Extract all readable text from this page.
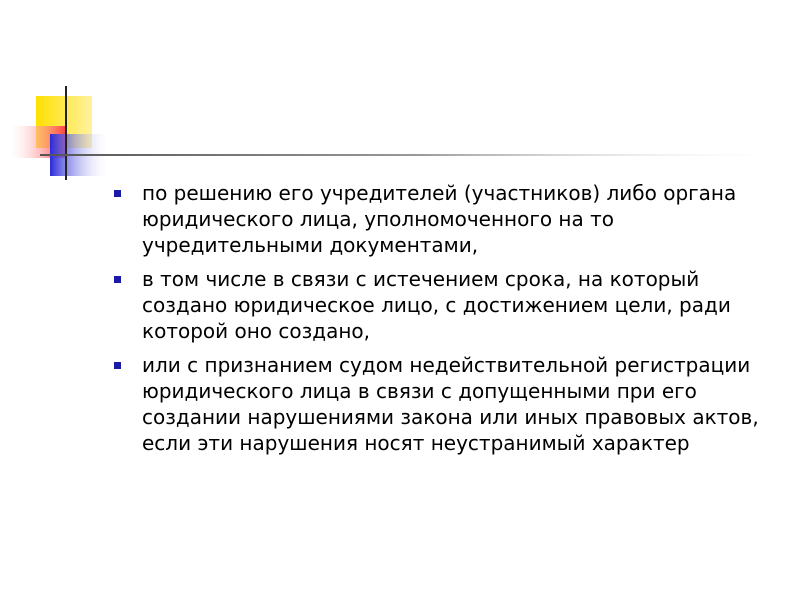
по решению его учредителей (участников) либо органа юридического лица, уполномоченного на то учредительными документами,
в том числе в связи с истечением срока, на который создано юридическое лицо, с достижением цели, ради которой оно создано,
или с признанием судом недействительной регистрации юридического лица в связи с допущенными при его создании нарушениями закона или иных правовых актов, если эти нарушения носят неустранимый характер
